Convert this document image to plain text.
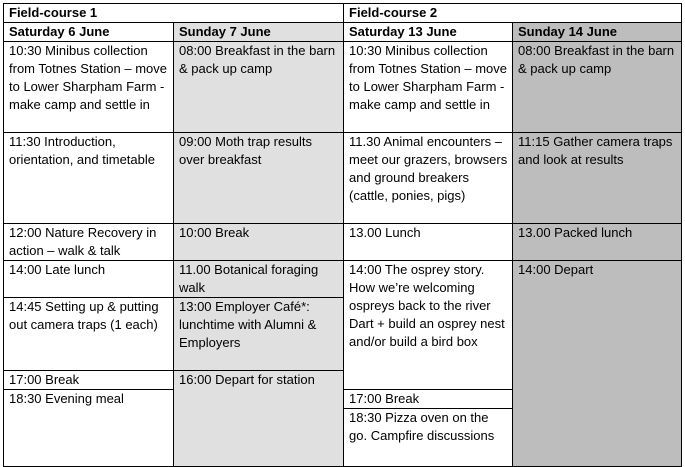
Field-course 1		Field-course 2	
Saturday 6 June	Sunday 7 June	Saturday 13 June	Sunday 14 June
10:30 Minibus collection from Totnes Station – move to Lower Sharpham Farm - make camp and settle in	08:00 Breakfast in the barn & pack up camp	10:30 Minibus collection from Totnes Station – move to Lower Sharpham Farm - make camp and settle in	08:00 Breakfast in the barn & pack up camp
11:30 Introduction, orientation, and timetable	09:00 Moth trap results over breakfast	11.30 Animal encounters – meet our grazers, browsers and ground breakers (cattle, ponies, pigs)	11:15 Gather camera traps and look at results
12:00 Nature Recovery in action – walk & talk	10:00 Break	13.00 Lunch	13.00 Packed lunch
14:00 Late lunch	11.00 Botanical foraging walk	14:00 The osprey story. How we’re welcoming ospreys back to the river Dart + build an osprey nest and/or build a bird box	14:00 Depart
14:45 Setting up & putting out camera traps (1 each)	13:00 Employer Café*: lunchtime with Alumni & Employers		
17:00 Break	16:00 Depart for station		
18:30 Evening meal		17:00 Break	
		18:30 Pizza oven on the go. Campfire discussions	
